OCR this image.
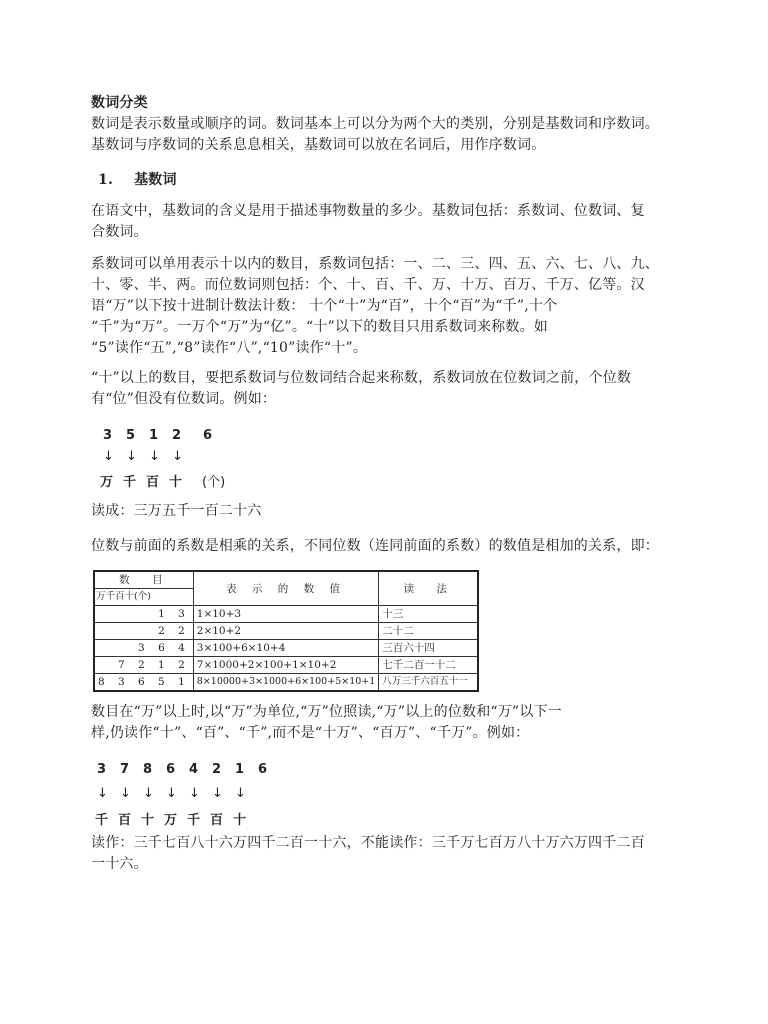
数词分类
数词是表示数量或顺序的词。数词基本上可以分为两个大的类别，分别是基数词和序数词。
基数词与序数词的关系息息相关，基数词可以放在名词后，用作序数词。
1. 基数词
在语文中，基数词的含义是用于描述事物数量的多少。基数词包括：系数词、位数词、复
合数词。
系数词可以单用表示十以内的数目，系数词包括：一、二、三、四、五、六、七、八、九、
十、零、半、两。而位数词则包括：个、十、百、千、万、十万、百万、千万、亿等。汉
语“万”以下按十进制计数法计数： 十个“十”为“百”，十个“百”为“千”,十个
“千”为“万”。一万个“万”为“亿”。“十”以下的数目只用系数词来称数。如
“5”读作“五”,“8”读作“八”,“10”读作“十”。
“十”以上的数目，要把系数词与位数词结合起来称数，系数词放在位数词之前，个位数
有“位”但没有位数词。例如：
3 5 1 2 6
↓ ↓ ↓ ↓
万 千 百 十 (个)
读成：三万五千一百二十六
位数与前面的系数是相乘的关系，不同位数（连同前面的系数）的数值是相加的关系，即：
数　目	表 示 的 数 值	读　法
万千百十(个)		
1 3	1×10+3	十三
2 2	2×10+2	二十二
3 6 4	3×100+6×10+4	三百六十四
7 2 1 2	7×1000+2×100+1×10+2	七千二百一十二
8 3 6 5 1	8×10000+3×1000+6×100+5×10+1	八万三千六百五十一
数目在“万”以上时,以“万”为单位,“万”位照读,“万”以上的位数和“万”以下一
样,仍读作“十”、“百”、“千”,而不是“十万”、“百万”、“千万”。例如：
3 7 8 6 4 2 1 6
↓ ↓ ↓ ↓ ↓ ↓ ↓
千 百 十 万 千 百 十
读作：三千七百八十六万四千二百一十六，不能读作：三千万七百万八十万六万四千二百
一十六。
